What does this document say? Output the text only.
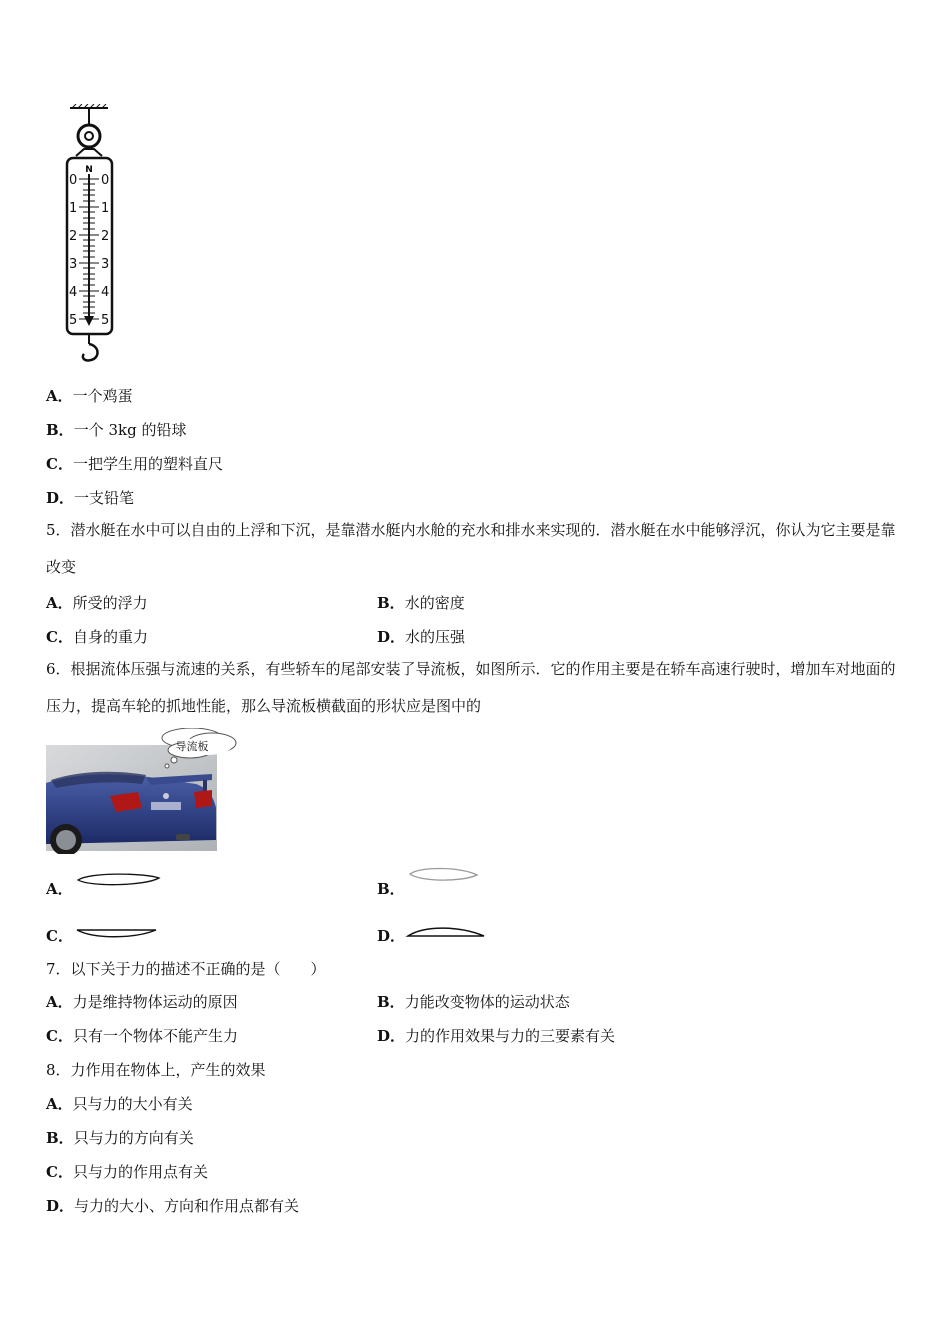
N
0 0
1 1
2 2
3 3
4 4
5 5
A．一个鸡蛋
B．一个 3kg 的铅球
C．一把学生用的塑料直尺
D．一支铅笔
5．潜水艇在水中可以自由的上浮和下沉，是靠潜水艇内水舱的充水和排水来实现的．潜水艇在水中能够浮沉，你认为它主要是靠改变
A．所受的浮力	B．水的密度
C．自身的重力	D．水的压强
6．根据流体压强与流速的关系，有些轿车的尾部安装了导流板，如图所示．它的作用主要是在轿车高速行驶时，增加车对地面的压力，提高车轮的抓地性能，那么导流板横截面的形状应是图中的
导流板
A．	B．
C．	D．
7．以下关于力的描述不正确的是（　　）
A．力是维持物体运动的原因	B．力能改变物体的运动状态
C．只有一个物体不能产生力	D．力的作用效果与力的三要素有关
8．力作用在物体上，产生的效果
A．只与力的大小有关
B．只与力的方向有关
C．只与力的作用点有关
D．与力的大小、方向和作用点都有关
